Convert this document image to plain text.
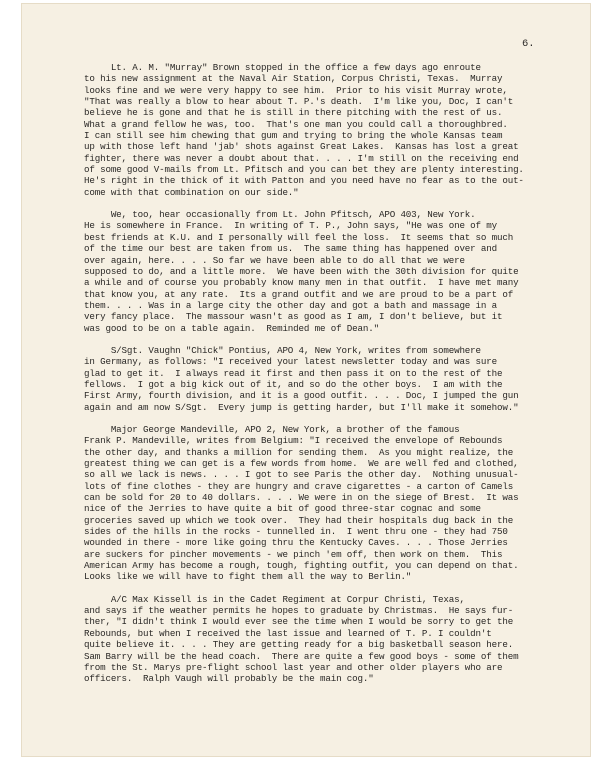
6.
Lt. A. M. "Murray" Brown stopped in the office a few days ago enroute
to his new assignment at the Naval Air Station, Corpus Christi, Texas.  Murray
looks fine and we were very happy to see him.  Prior to his visit Murray wrote,
"That was really a blow to hear about T. P.'s death.  I'm like you, Doc, I can't
believe he is gone and that he is still in there pitching with the rest of us.
What a grand fellow he was, too.  That's one man you could call a thoroughbred.
I can still see him chewing that gum and trying to bring the whole Kansas team
up with those left hand 'jab' shots against Great Lakes.  Kansas has lost a great
fighter, there was never a doubt about that. . . . I'm still on the receiving end
of some good V-mails from Lt. Pfitsch and you can bet they are plenty interesting.
He's right in the thick of it with Patton and you need have no fear as to the out-
come with that combination on our side."
We, too, hear occasionally from Lt. John Pfitsch, APO 403, New York.
He is somewhere in France.  In writing of T. P., John says, "He was one of my
best friends at K.U. and I personally will feel the loss.  It seems that so much
of the time our best are taken from us.  The same thing has happened over and
over again, here. . . . So far we have been able to do all that we were
supposed to do, and a little more.  We have been with the 30th division for quite
a while and of course you probably know many men in that outfit.  I have met many
that know you, at any rate.  Its a grand outfit and we are proud to be a part of
them. . . . Was in a large city the other day and got a bath and massage in a
very fancy place.  The massour wasn't as good as I am, I don't believe, but it
was good to be on a table again.  Reminded me of Dean."
S/Sgt. Vaughn "Chick" Pontius, APO 4, New York, writes from somewhere
in Germany, as follows: "I received your latest newsletter today and was sure
glad to get it.  I always read it first and then pass it on to the rest of the
fellows.  I got a big kick out of it, and so do the other boys.  I am with the
First Army, fourth division, and it is a good outfit. . . . Doc, I jumped the gun
again and am now S/Sgt.  Every jump is getting harder, but I'll make it somehow."
Major George Mandeville, APO 2, New York, a brother of the famous
Frank P. Mandeville, writes from Belgium: "I received the envelope of Rebounds
the other day, and thanks a million for sending them.  As you might realize, the
greatest thing we can get is a few words from home.  We are well fed and clothed,
so all we lack is news. . . . I got to see Paris the other day.  Nothing unusual-
lots of fine clothes - they are hungry and crave cigarettes - a carton of Camels
can be sold for 20 to 40 dollars. . . . We were in on the siege of Brest.  It was
nice of the Jerries to have quite a bit of good three-star cognac and some
groceries saved up which we took over.  They had their hospitals dug back in the
sides of the hills in the rocks - tunnelled in.  I went thru one - they had 750
wounded in there - more like going thru the Kentucky Caves. . . . Those Jerries
are suckers for pincher movements - we pinch 'em off, then work on them.  This
American Army has become a rough, tough, fighting outfit, you can depend on that.
Looks like we will have to fight them all the way to Berlin."
A/C Max Kissell is in the Cadet Regiment at Corpur Christi, Texas,
and says if the weather permits he hopes to graduate by Christmas.  He says fur-
ther, "I didn't think I would ever see the time when I would be sorry to get the
Rebounds, but when I received the last issue and learned of T. P. I couldn't
quite believe it. . . . They are getting ready for a big basketball season here.
Sam Barry will be the head coach.  There are quite a few good boys - some of them
from the St. Marys pre-flight school last year and other older players who are
officers.  Ralph Vaugh will probably be the main cog."
